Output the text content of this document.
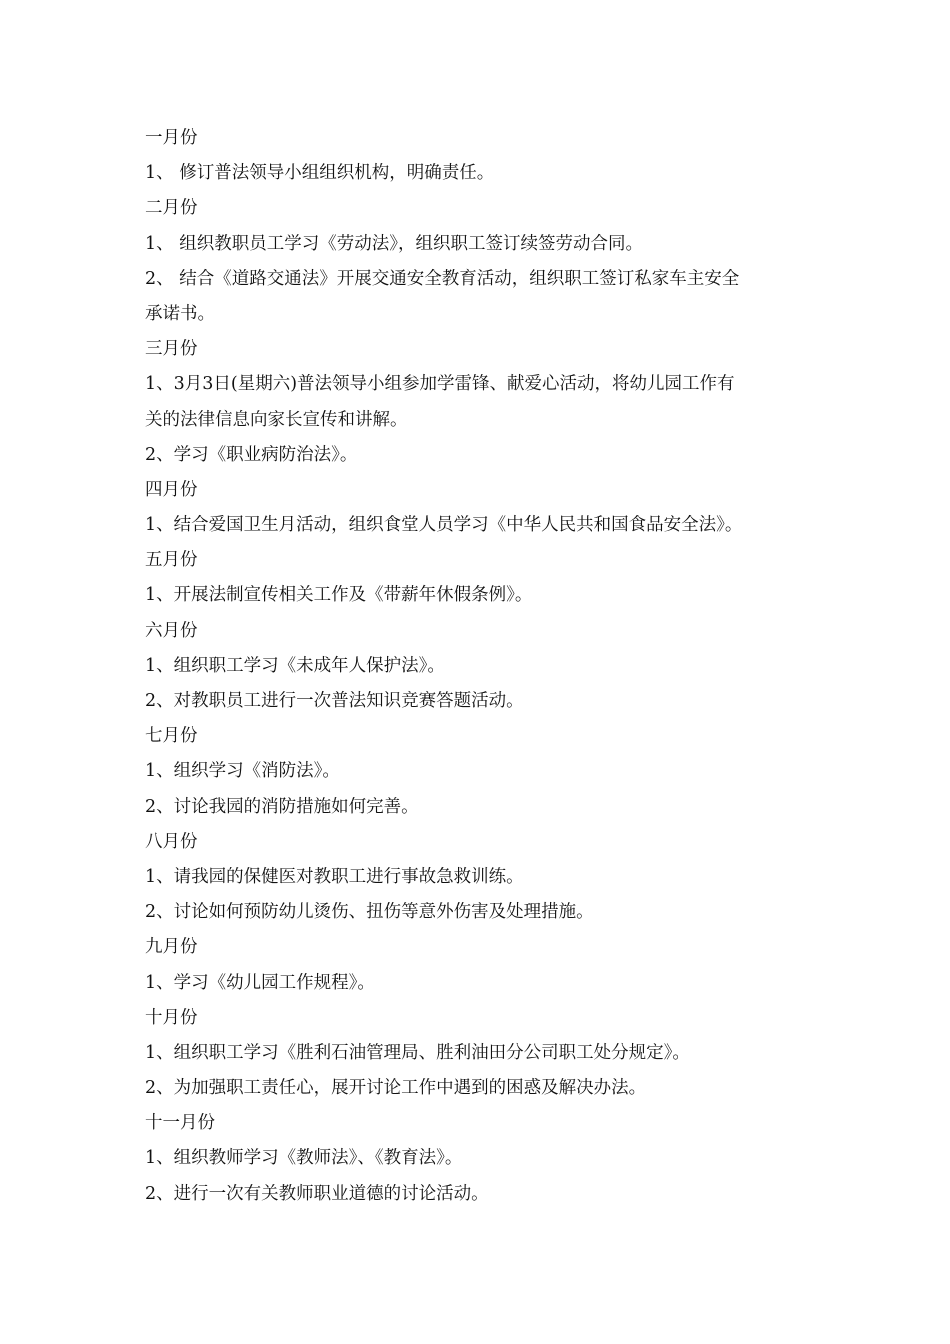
一月份
1、 修订普法领导小组组织机构，明确责任。
二月份
1、 组织教职员工学习《劳动法》，组织职工签订续签劳动合同。
2、 结合《道路交通法》开展交通安全教育活动，组织职工签订私家车主安全
承诺书。
三月份
1、3月3日(星期六)普法领导小组参加学雷锋、献爱心活动，将幼儿园工作有
关的法律信息向家长宣传和讲解。
2、学习《职业病防治法》。
四月份
1、结合爱国卫生月活动，组织食堂人员学习《中华人民共和国食品安全法》。
五月份
1、开展法制宣传相关工作及《带薪年休假条例》。
六月份
1、组织职工学习《未成年人保护法》。
2、对教职员工进行一次普法知识竞赛答题活动。
七月份
1、组织学习《消防法》。
2、讨论我园的消防措施如何完善。
八月份
1、请我园的保健医对教职工进行事故急救训练。
2、讨论如何预防幼儿烫伤、扭伤等意外伤害及处理措施。
九月份
1、学习《幼儿园工作规程》。
十月份
1、组织职工学习《胜利石油管理局、胜利油田分公司职工处分规定》。
2、为加强职工责任心，展开讨论工作中遇到的困惑及解决办法。
十一月份
1、组织教师学习《教师法》、《教育法》。
2、进行一次有关教师职业道德的讨论活动。
